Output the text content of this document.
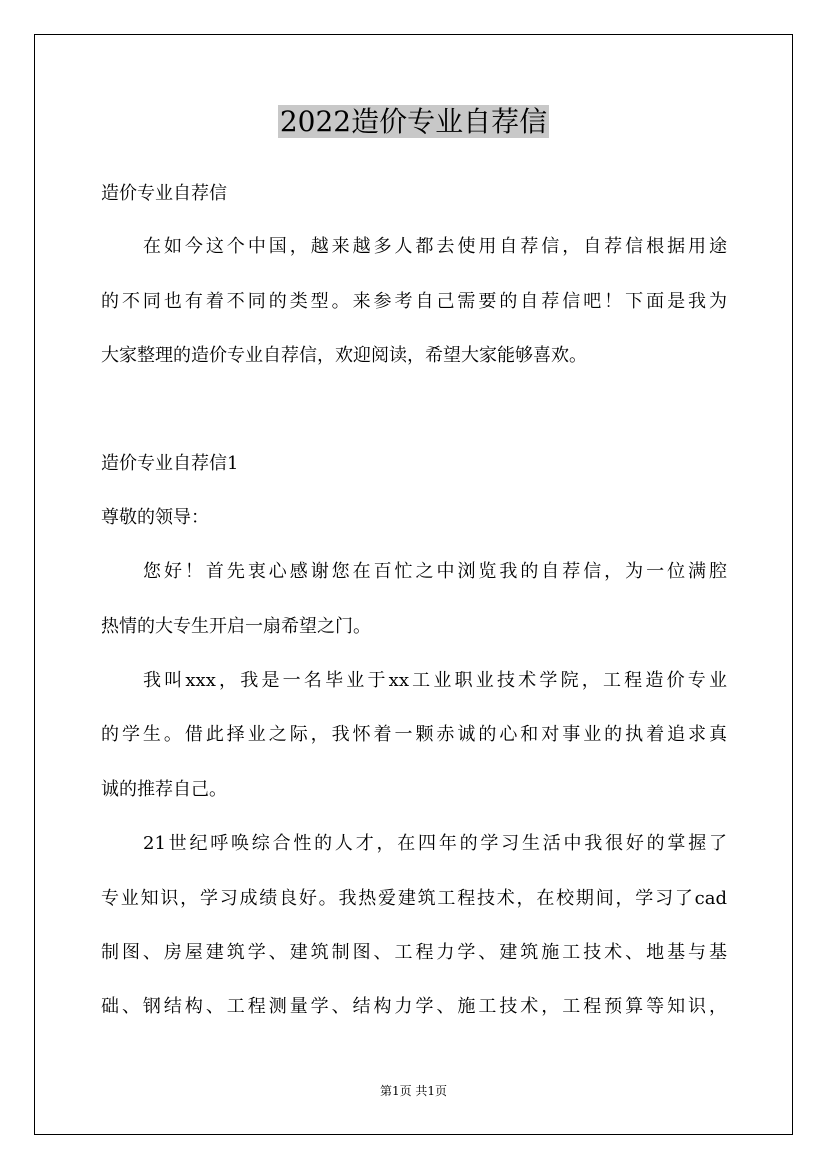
2022造价专业自荐信
造价专业自荐信
在如今这个中国，越来越多人都去使用自荐信，自荐信根据用途
的不同也有着不同的类型。来参考自己需要的自荐信吧！下面是我为
大家整理的造价专业自荐信，欢迎阅读，希望大家能够喜欢。
造价专业自荐信1
尊敬的领导：
您好！首先衷心感谢您在百忙之中浏览我的自荐信，为一位满腔
热情的大专生开启一扇希望之门。
我叫xxx，我是一名毕业于xx工业职业技术学院，工程造价专业
的学生。借此择业之际，我怀着一颗赤诚的心和对事业的执着追求真
诚的推荐自己。
21世纪呼唤综合性的人才，在四年的学习生活中我很好的掌握了
专业知识，学习成绩良好。我热爱建筑工程技术，在校期间，学习了cad
制图、房屋建筑学、建筑制图、工程力学、建筑施工技术、地基与基
础、钢结构、工程测量学、结构力学、施工技术，工程预算等知识，
第1页 共1页
